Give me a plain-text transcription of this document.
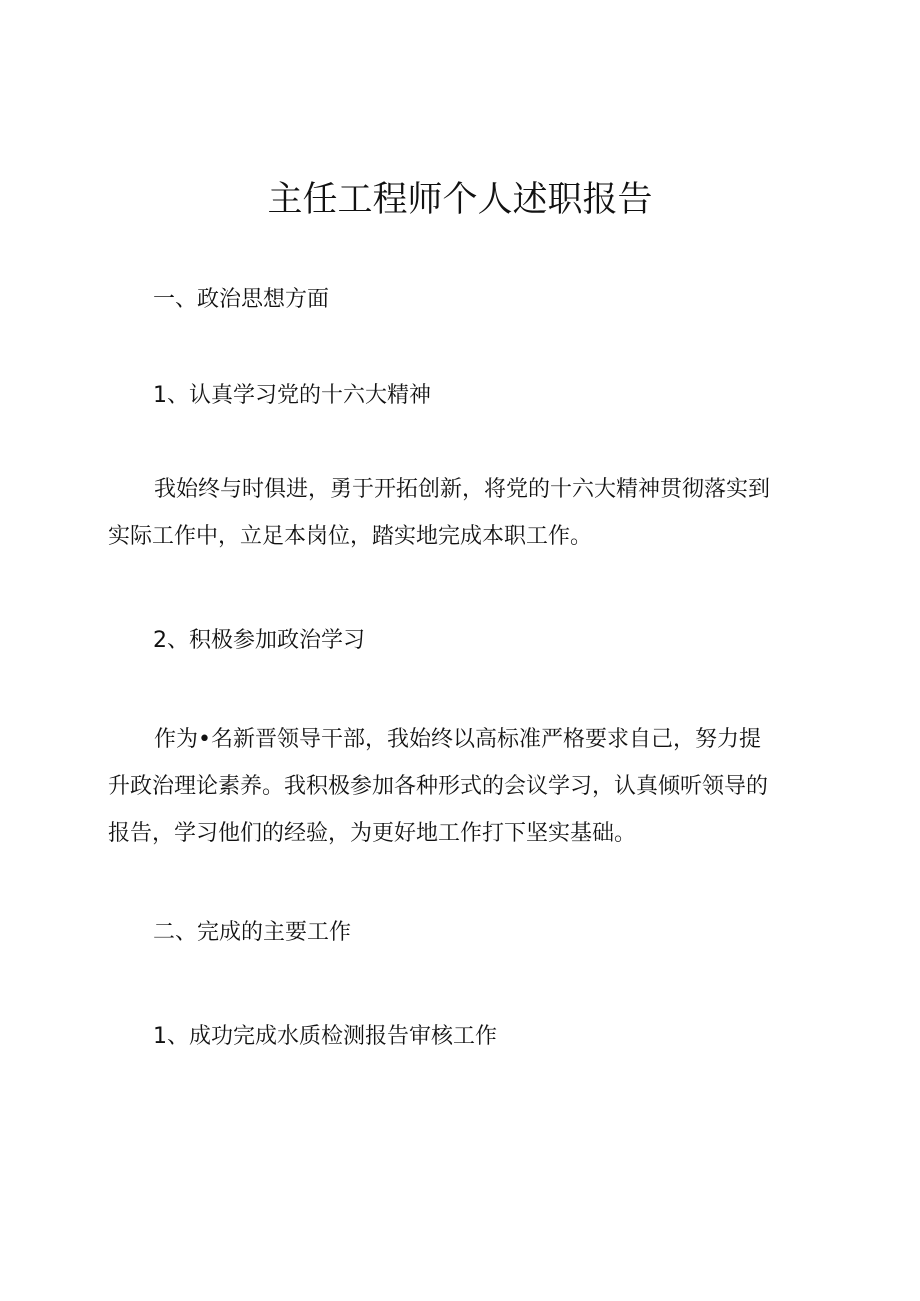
主任工程师个人述职报告
一、政治思想方面
1、认真学习党的十六大精神
我始终与时俱进，勇于开拓创新，将党的十六大精神贯彻落实到
实际工作中，立足本岗位，踏实地完成本职工作。
2、积极参加政治学习
作为•名新晋领导干部，我始终以高标准严格要求自己，努力提
升政治理论素养。我积极参加各种形式的会议学习，认真倾听领导的
报告，学习他们的经验，为更好地工作打下坚实基础。
二、完成的主要工作
1、成功完成水质检测报告审核工作
